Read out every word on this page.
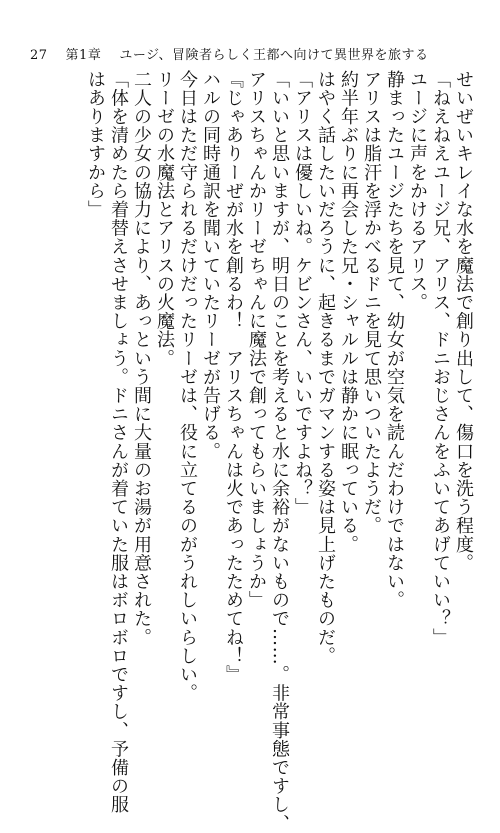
27 第1章 ユージ、冒険者らしく王都へ向けて異世界を旅する
せいぜいキレイな水を魔法で創り出して、傷口を洗う程度。
「ねえねえユージ兄、アリス、ドニおじさんをふいてあげていい？」
ユージに声をかけるアリス。
静まったユージたちを見て、幼女が空気を読んだわけではない。
アリスは脂汗を浮かべるドニを見て思いついたようだ。
約半年ぶりに再会した兄・シャルルは静かに眠っている。
はやく話したいだろうに、起きるまでガマンする姿は見上げたものだ。
「アリスは優しいね。ケビンさん、いいですよね？」
「いいと思いますが、明日のことを考えると水に余裕がないもので……。非常事態ですし、
アリスちゃんかリーゼちゃんに魔法で創ってもらいましょうか」
『じゃありーぜが水を創るわ！　アリスちゃんは火であったためてね！』
ハルの同時通訳を聞いていたリーゼが告げる。
今日はただ守られるだけだったリーゼは、役に立てるのがうれしいらしい。
リーゼの水魔法とアリスの火魔法。
二人の少女の協力により、あっという間に大量のお湯が用意された。
「体を清めたら着替えさせましょう。ドニさんが着ていた服はボロボロですし、予備の服
はありますから」
